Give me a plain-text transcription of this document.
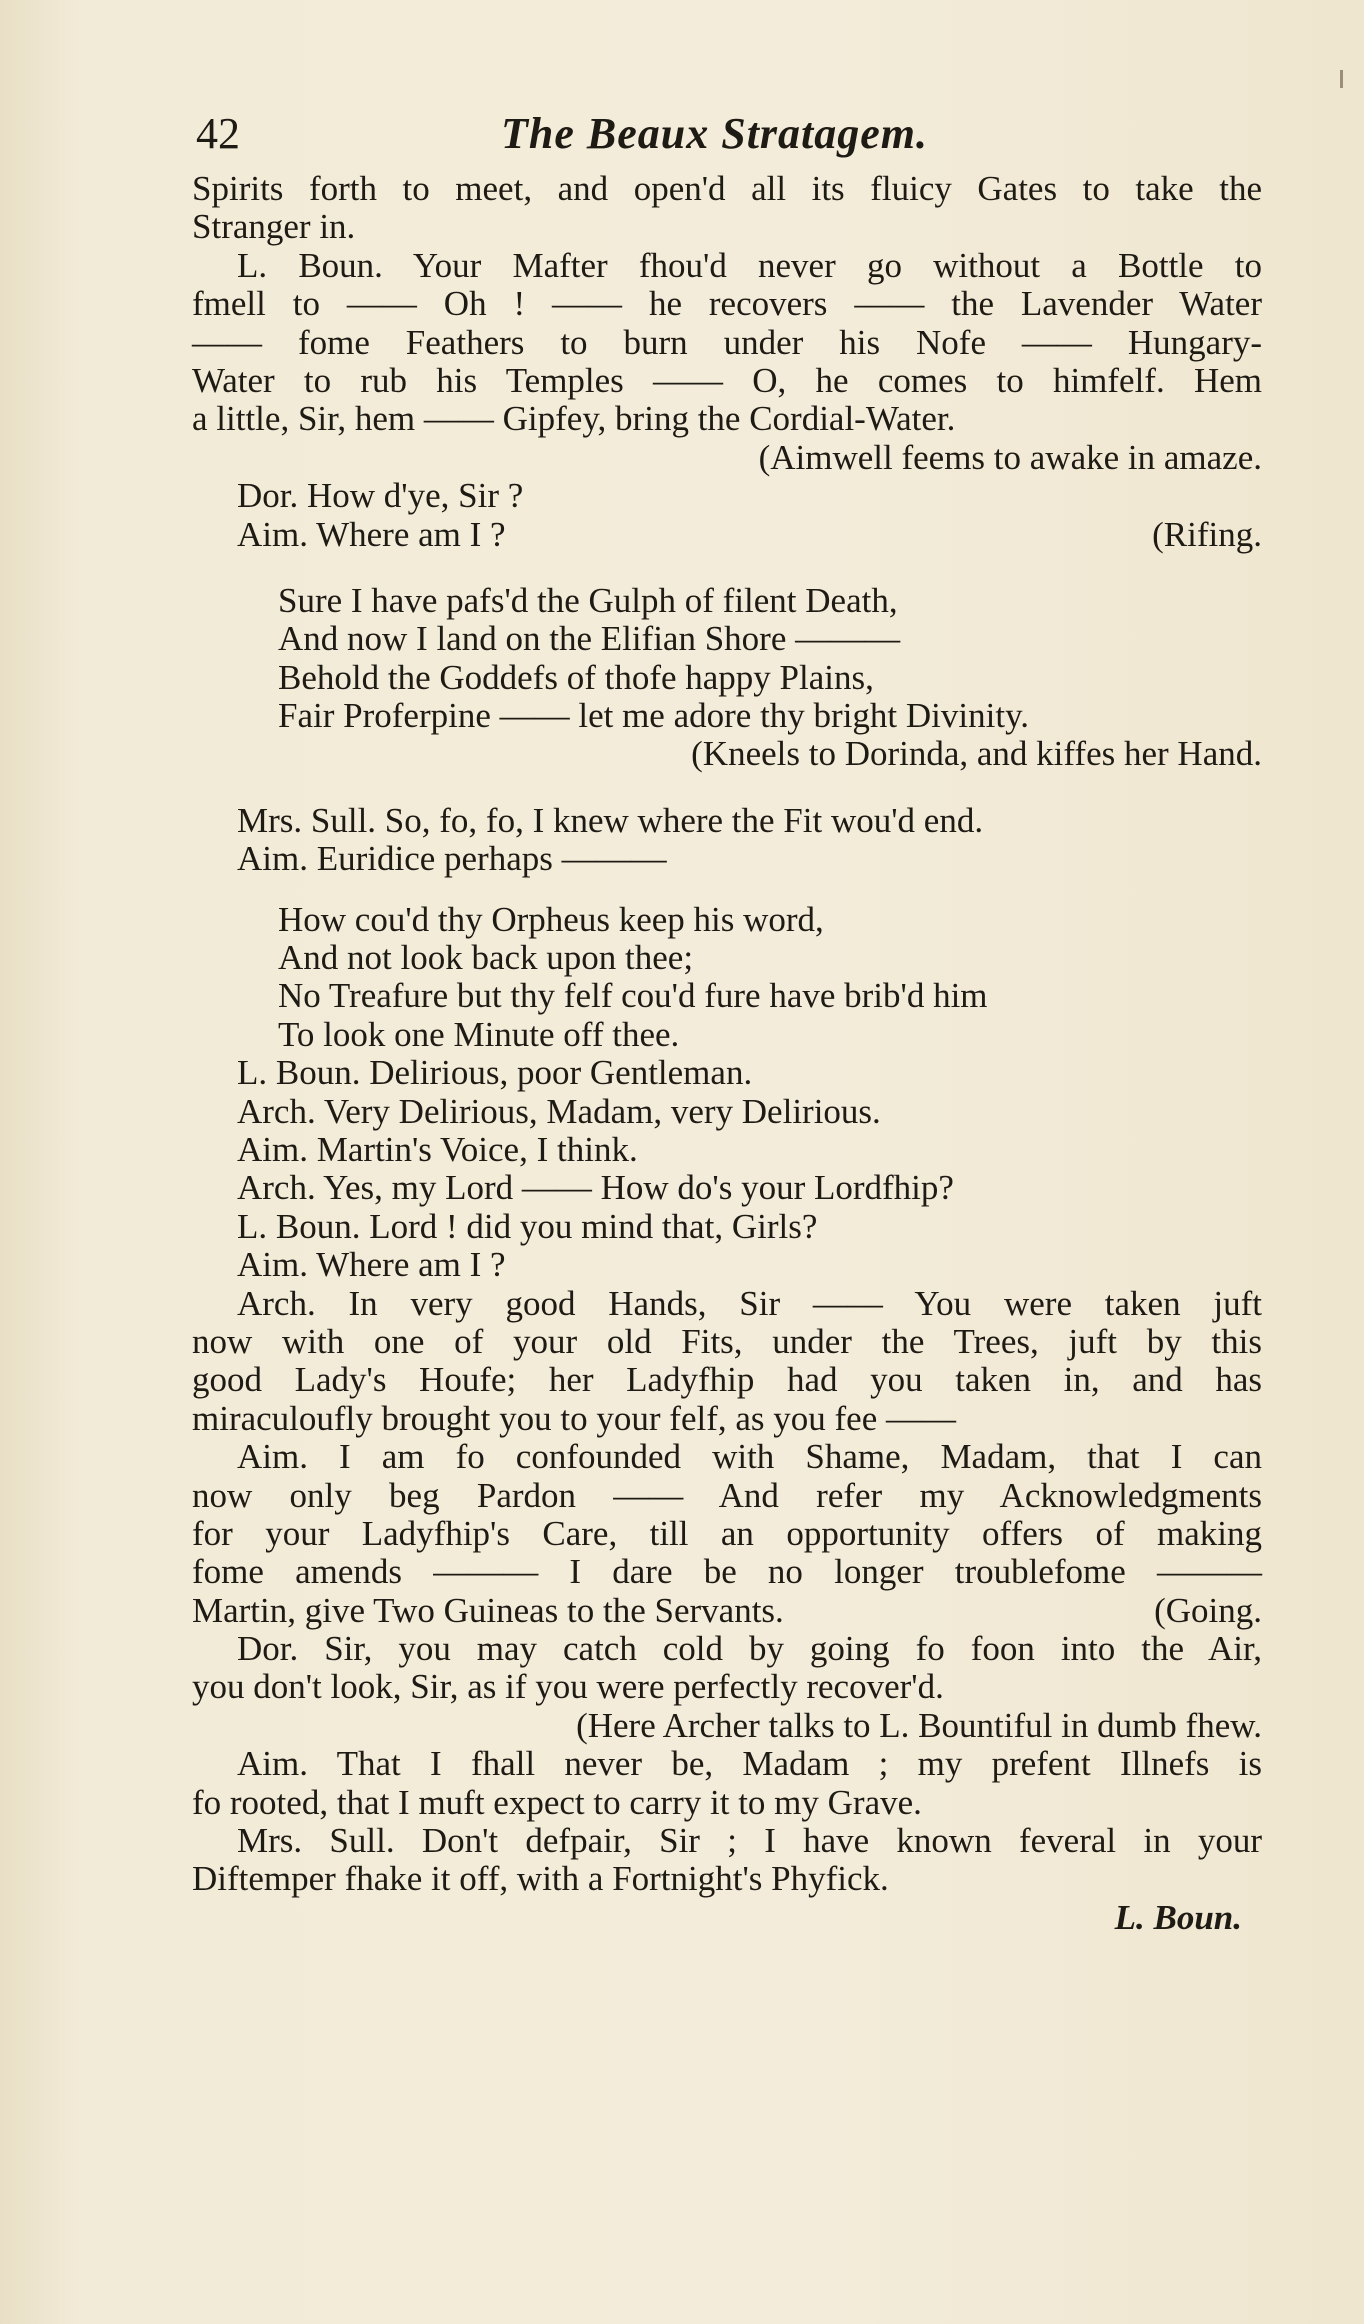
42	The Beaux Stratagem.
Spirits forth to meet, and open'd all its fluicy Gates to take the
Stranger in.
L. Boun. Your Mafter fhou'd never go without a Bottle to
fmell to —— Oh ! —— he recovers —— the Lavender Water
—— fome Feathers to burn under his Nofe —— Hungary-
Water to rub his Temples —— O, he comes to himfelf. Hem
a little, Sir, hem —— Gipfey, bring the Cordial-Water.
(Aimwell feems to awake in amaze.
Dor. How d'ye, Sir ?
Aim. Where am I ?	(Rifing.
Sure I have pafs'd the Gulph of filent Death,
And now I land on the Elifian Shore ———
Behold the Goddefs of thofe happy Plains,
Fair Proferpine —— let me adore thy bright Divinity.
(Kneels to Dorinda, and kiffes her Hand.
Mrs. Sull. So, fo, fo, I knew where the Fit wou'd end.
Aim. Euridice perhaps ———
How cou'd thy Orpheus keep his word,
And not look back upon thee;
No Treafure but thy felf cou'd fure have brib'd him
To look one Minute off thee.
L. Boun. Delirious, poor Gentleman.
Arch. Very Delirious, Madam, very Delirious.
Aim. Martin's Voice, I think.
Arch. Yes, my Lord —— How do's your Lordfhip?
L. Boun. Lord ! did you mind that, Girls?
Aim. Where am I ?
Arch. In very good Hands, Sir —— You were taken juft
now with one of your old Fits, under the Trees, juft by this
good Lady's Houfe; her Ladyfhip had you taken in, and has
miraculoufly brought you to your felf, as you fee ——
Aim. I am fo confounded with Shame, Madam, that I can
now only beg Pardon —— And refer my Acknowledgments
for your Ladyfhip's Care, till an opportunity offers of making
fome amends ——— I dare be no longer troublefome ———
Martin, give Two Guineas to the Servants.	(Going.
Dor. Sir, you may catch cold by going fo foon into the Air,
you don't look, Sir, as if you were perfectly recover'd.
(Here Archer talks to L. Bountiful in dumb fhew.
Aim. That I fhall never be, Madam ; my prefent Illnefs is
fo rooted, that I muft expect to carry it to my Grave.
Mrs. Sull. Don't defpair, Sir ; I have known feveral in your
Diftemper fhake it off, with a Fortnight's Phyfick.
L. Boun.
